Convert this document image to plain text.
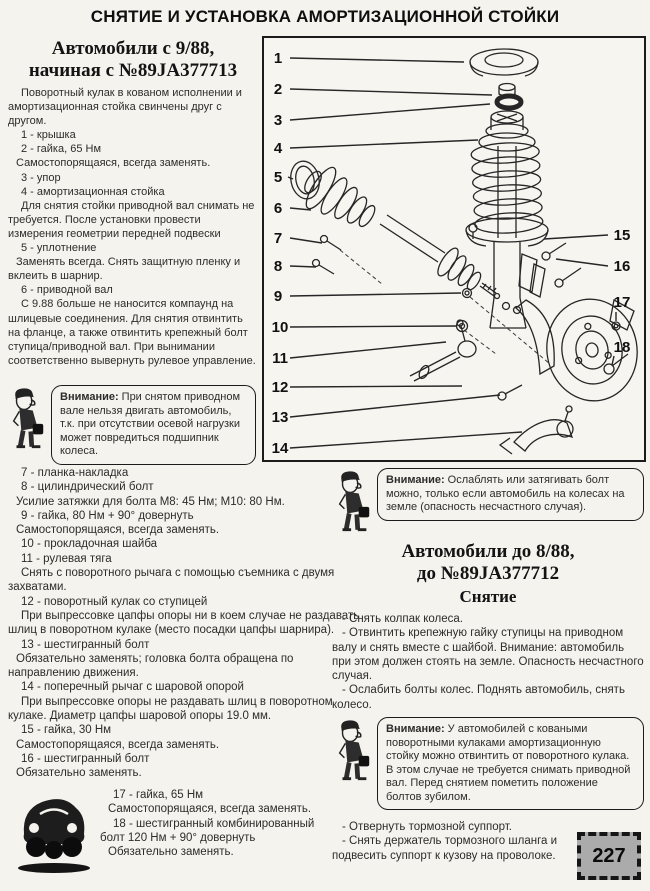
СНЯТИЕ И УСТАНОВКА АМОРТИЗАЦИОННОЙ СТОЙКИ
Автомобили с 9/88,
начиная с №89JA377713

Поворотный кулак в кованом исполнении и амортизационная стойка свинчены друг с другом.

1 - крышка

2 - гайка, 65 Нм

Самостопорящаяся, всегда заменять.

3 - упор

4 - амортизационная стойка

Для снятия стойки приводной вал снимать не требуется. После установки провести измерения геометрии передней подвески

5 - уплотнение

Заменять всегда. Снять защитную пленку и вклеить в шарнир.

6 - приводной вал

С 9.88 больше не наносится компаунд на шлицевые соединения. Для снятия отвинтить на фланце, а также отвинтить крепежный болт ступица/приводной вал. При вынимании соответственно вывернуть рулевое управление.

1
2
3
4
5
6
7
8
9
10
11
12
13
14
15
16
17
18
Внимание: При снятом приводном вале нельзя двигать автомобиль, т.к. при отсутствии осевой нагрузки может повредиться подшипник колеса.

7 - планка-накладка

8 - цилиндрический болт

Усилие затяжки для болта М8: 45 Нм; М10: 80 Нм.

9 - гайка, 80 Нм + 90° довернуть

Самостопорящаяся, всегда заменять.

10 - прокладочная шайба

11 - рулевая тяга

Снять с поворотного рычага с помощью съемника с двумя захватами.

12 - поворотный кулак со ступицей

При выпрессовке цапфы опоры ни в коем случае не раздавать шлиц в поворотном кулаке (место посадки цапфы шарнира).

13 - шестигранный болт

Обязательно заменять; головка болта обращена по направлению движения.

14 - поперечный рычаг с шаровой опорой

При выпрессовке опоры не раздавать шлиц в поворотном кулаке. Диаметр цапфы шаровой опоры 19.0 мм.

15 - гайка, 30 Нм

Самостопорящаяся, всегда заменять.

16 - шестигранный болт

Обязательно заменять.

17 - гайка, 65 Нм

Самостопорящаяся, всегда заменять.

18 - шестигранный комбинированный болт 120 Нм + 90° довернуть

Обязательно заменять.

Внимание: Ослаблять или затягивать болт можно, только если автомобиль на колесах на земле (опасность несчастного случая).
Автомобили до 8/88,
до №89JA377712
Снятие

- Снять колпак колеса.

- Отвинтить крепежную гайку ступицы на приводном валу и снять вместе с шайбой. Внимание: автомобиль при этом должен стоять на земле. Опасность несчастного случая.

- Ослабить болты колес. Поднять автомобиль, снять колесо.

Внимание: У автомобилей с коваными поворотными кулаками амортизационную стойку можно отвинтить от поворотного кулака. В этом случае не требуется снимать приводной вал. Перед снятием пометить положение болтов зубилом.

- Отвернуть тормозной суппорт.

- Снять держатель тормозного шланга и подвесить суппорт к кузову на проволоке.	227
